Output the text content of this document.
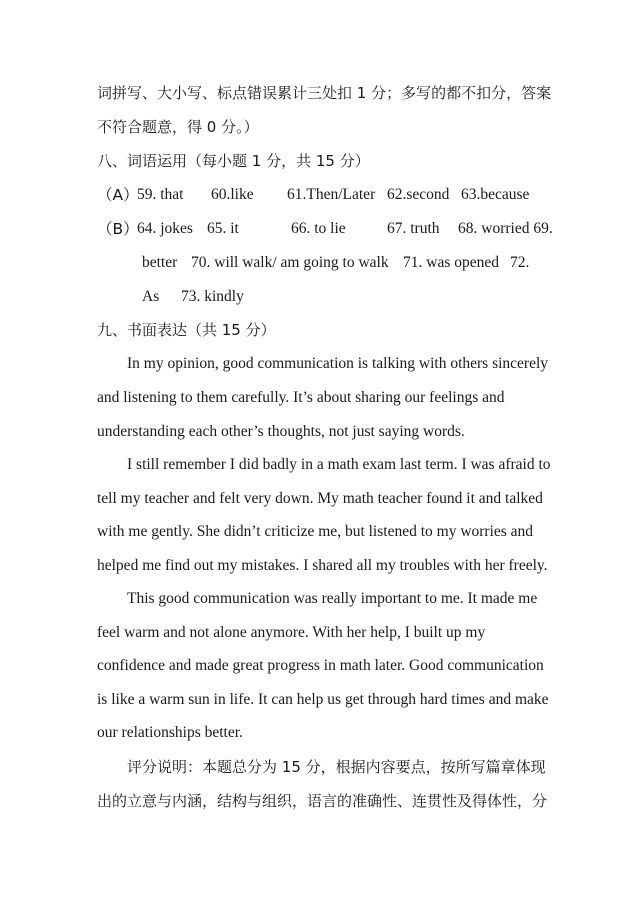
词拼写、大小写、标点错误累计三处扣 1 分；多写的都不扣分，答案
不符合题意，得 0 分。）
八、词语运用（每小题 1 分，共 15 分）
（A）
59. that 60.like 61.Then/Later 62.second 63.because
（B）
64. jokes 65. it	66. to lie	67. truth 68. worried 69.
better 70. will walk/ am going to walk 71. was opened 72.
As 73. kindly
九、书面表达（共 15 分）
In my opinion, good communication is talking with others sincerely
and listening to them carefully. It’s about sharing our feelings and
understanding each other’s thoughts, not just saying words.
I still remember I did badly in a math exam last term. I was afraid to
tell my teacher and felt very down. My math teacher found it and talked
with me gently. She didn’t criticize me, but listened to my worries and
helped me find out my mistakes. I shared all my troubles with her freely.
This good communication was really important to me. It made me
feel warm and not alone anymore. With her help, I built up my
confidence and made great progress in math later. Good communication
is like a warm sun in life. It can help us get through hard times and make
our relationships better.
评分说明：本题总分为 15 分，根据内容要点，按所写篇章体现
出的立意与内涵，结构与组织，语言的准确性、连贯性及得体性，分
